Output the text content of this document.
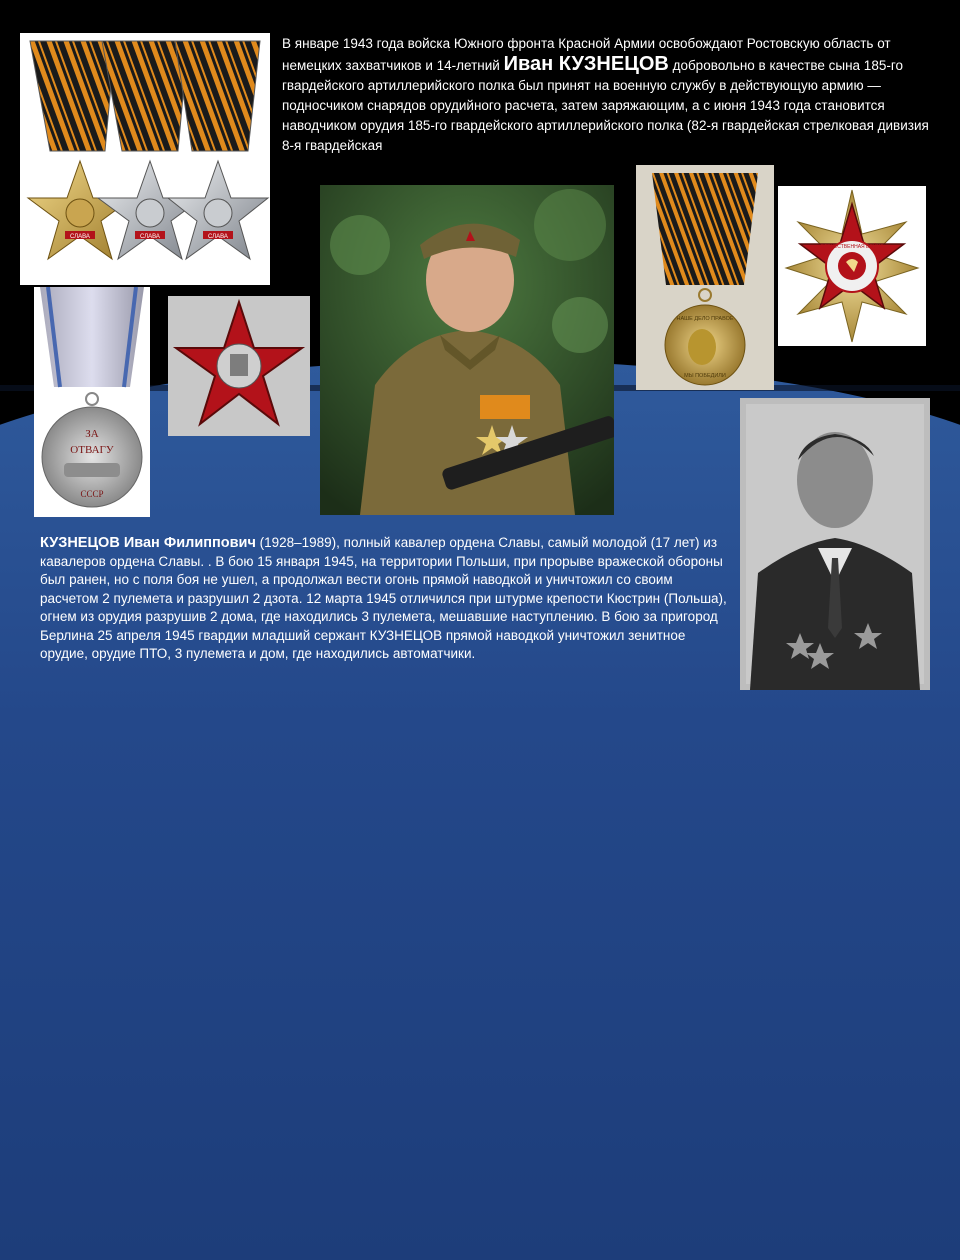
СЛАВА	СЛАВА	СЛАВА
ЗА
ОТВАГУ
СССР
НАШЕ ДЕЛО ПРАВОЕ
МЫ ПОБЕДИЛИ
ОТЕЧЕСТВЕННАЯ ВОЙНА
В январе 1943 года войска Южного фронта Красной Армии освобождают Ростовскую область от немецких захватчиков и 14-летний Иван КУЗНЕЦОВ добровольно в качестве сына 185-го гвардейского артиллерийского полка был принят на военную службу в действующую армию — подносчиком снарядов орудийного расчета, затем заряжающим, а с июня 1943 года становится наводчиком орудия 185-го гвардейского артиллерийского полка (82-я гвардейская стрелковая дивизия 8-я гвардейская
КУЗНЕЦОВ Иван Филиппович (1928–1989), полный кавалер ордена Славы, самый молодой (17 лет) из кавалеров ордена Славы. . В бою 15 января 1945, на территории Польши, при прорыве вражеской обороны был ранен, но с поля боя не ушел, а продолжал вести огонь прямой наводкой и уничтожил со своим расчетом 2 пулемета и разрушил 2 дзота. 12 марта 1945 отличился при штурме крепости Кюстрин (Польша), огнем из орудия разрушив 2 дома, где находились 3 пулемета, мешавшие наступлению. В бою за пригород Берлина 25 апреля 1945 гвардии младший сержант КУЗНЕЦОВ прямой наводкой уничтожил зенитное орудие, орудие ПТО, 3 пулемета и дом, где находились автоматчики.
